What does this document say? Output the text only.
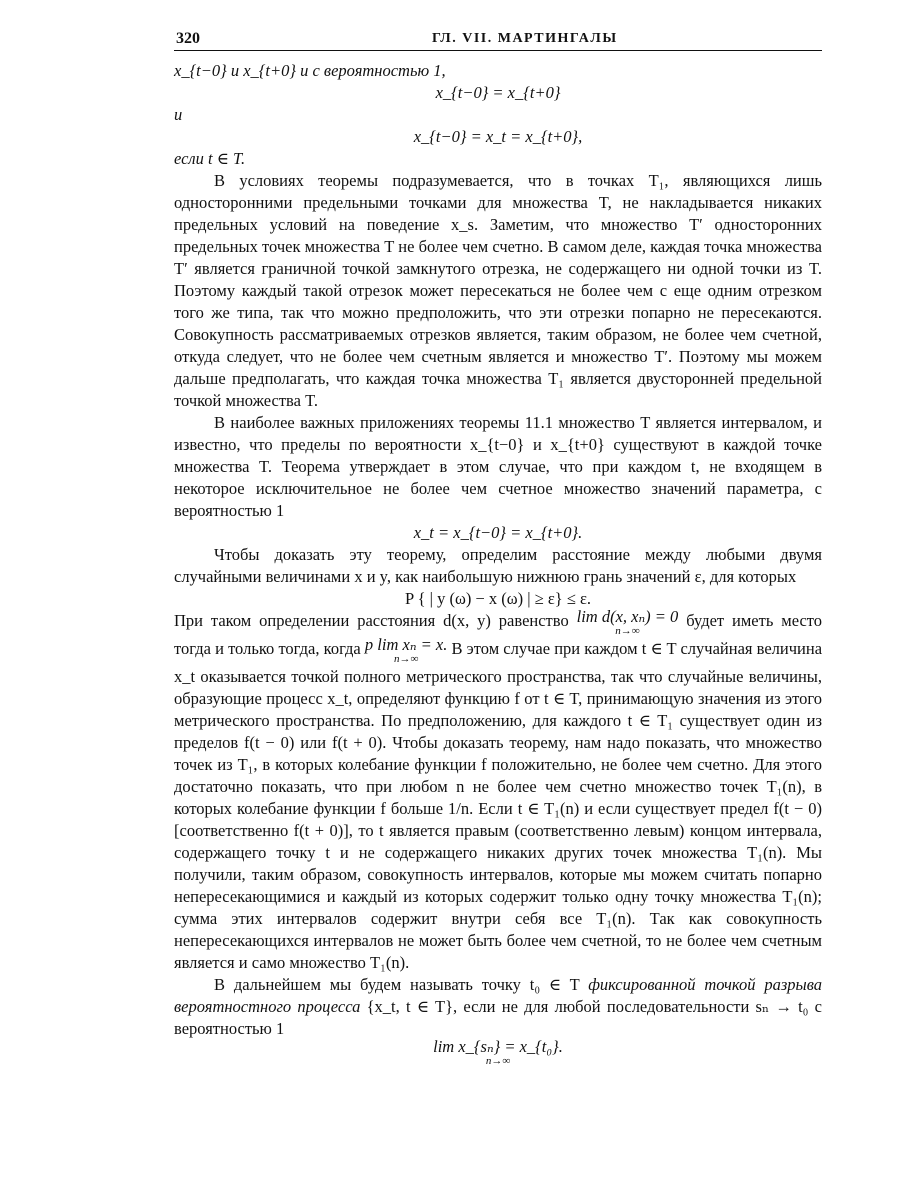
320	ГЛ. VII. МАРТИНГАЛЫ

x_{t−0} и x_{t+0} и с вероятностью 1,

x_{t−0} = x_{t+0}

и

x_{t−0} = x_t = x_{t+0},

если t ∈ T.

В условиях теоремы подразумевается, что в точках T₁, являющихся лишь односторонними предельными точками для множества T, не накладывается никаких предельных условий на поведение x_s. Заметим, что множество T′ односторонних предельных точек множества T не более чем счетно. В самом деле, каждая точка множества T′ является граничной точкой замкнутого отрезка, не содержащего ни одной точки из T. Поэтому каждый такой отрезок может пересекаться не более чем с еще одним отрезком того же типа, так что можно предположить, что эти отрезки попарно не пересекаются. Совокупность рассматриваемых отрезков является, таким образом, не более чем счетной, откуда следует, что не более чем счетным является и множество T′. Поэтому мы можем дальше предполагать, что каждая точка множества T₁ является двусторонней предельной точкой множества T.

В наиболее важных приложениях теоремы 11.1 множество T является интервалом, и известно, что пределы по вероятности x_{t−0} и x_{t+0} существуют в каждой точке множества T. Теорема утверждает в этом случае, что при каждом t, не входящем в некоторое исключительное не более чем счетное множество значений параметра, с вероятностью 1

x_t = x_{t−0} = x_{t+0}.

Чтобы доказать эту теорему, определим расстояние между любыми двумя случайными величинами x и y, как наибольшую нижнюю грань значений ε, для которых

P { | y (ω) − x (ω) | ≥ ε} ≤ ε.

При таком определении расстояния d(x, y) равенство lim d(x, xₙ) = 0
n→∞
будет иметь место тогда и только тогда, когда p lim xₙ = x.
n→∞
В этом случае при каждом t ∈ T случайная величина x_t оказывается точкой полного метрического пространства, так что случайные величины, образующие процесс x_t, определяют функцию f от t ∈ T, принимающую значения из этого метрического пространства. По предположению, для каждого t ∈ T₁ существует один из пределов f(t − 0) или f(t + 0). Чтобы доказать теорему, нам надо показать, что множество точек из T₁, в которых колебание функции f положительно, не более чем счетно. Для этого достаточно показать, что при любом n не более чем счетно множество точек T₁(n), в которых колебание функции f больше 1/n. Если t ∈ T₁(n) и если существует предел f(t − 0) [соответственно f(t + 0)], то t является правым (соответственно левым) концом интервала, содержащего точку t и не содержащего никаких других точек множества T₁(n). Мы получили, таким образом, совокупность интервалов, которые мы можем считать попарно непересекающимися и каждый из которых содержит только одну точку множества T₁(n); сумма этих интервалов содержит внутри себя все T₁(n). Так как совокупность непересекающихся интервалов не может быть более чем счетной, то не более чем счетным является и само множество T₁(n).

В дальнейшем мы будем называть точку t₀ ∈ T фиксированной точкой разрыва вероятностного процесса {x_t, t ∈ T}, если не для любой последовательности sₙ → t₀ с вероятностью 1

lim x_{sₙ} = x_{t₀}.
n→∞
